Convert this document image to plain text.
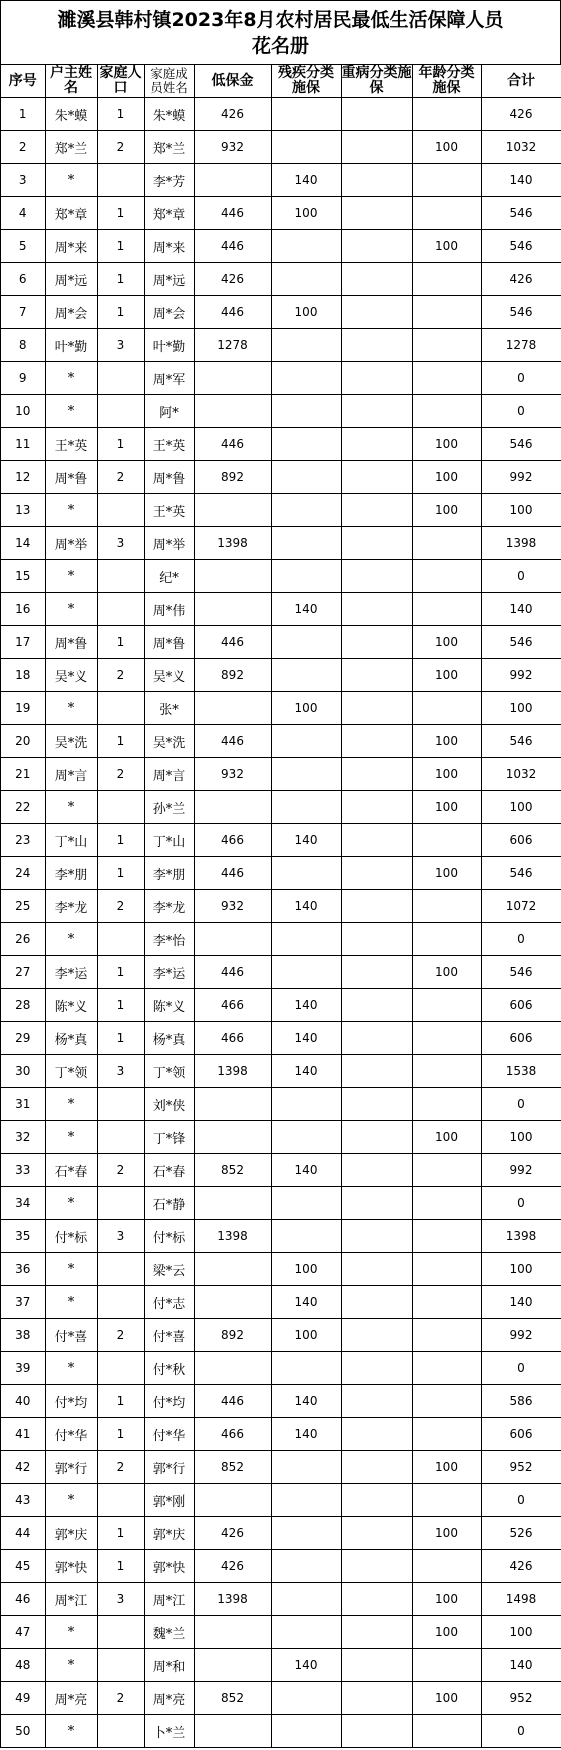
濉溪县韩村镇2023年8月农村居民最低生活保障人员
花名册
序号	户主姓名	家庭人口	家庭成员姓名	低保金	残疾分类施保	重病分类施保	年龄分类施保	合计
1	朱*蟆	1	朱*蟆	426				426
2	郑*兰	2	郑*兰	932			100	1032
3	*		李*芳		140			140
4	郑*章	1	郑*章	446	100			546
5	周*来	1	周*来	446			100	546
6	周*远	1	周*远	426				426
7	周*会	1	周*会	446	100			546
8	叶*勤	3	叶*勤	1278				1278
9	*		周*军					0
10	*		阿*					0
11	王*英	1	王*英	446			100	546
12	周*鲁	2	周*鲁	892			100	992
13	*		王*英				100	100
14	周*举	3	周*举	1398				1398
15	*		纪*					0
16	*		周*伟		140			140
17	周*鲁	1	周*鲁	446			100	546
18	吴*义	2	吴*义	892			100	992
19	*		张*		100			100
20	吴*洗	1	吴*洗	446			100	546
21	周*言	2	周*言	932			100	1032
22	*		孙*兰				100	100
23	丁*山	1	丁*山	466	140			606
24	李*朋	1	李*朋	446			100	546
25	李*龙	2	李*龙	932	140			1072
26	*		李*怡					0
27	李*运	1	李*运	446			100	546
28	陈*义	1	陈*义	466	140			606
29	杨*真	1	杨*真	466	140			606
30	丁*领	3	丁*领	1398	140			1538
31	*		刘*侠					0
32	*		丁*锋				100	100
33	石*春	2	石*春	852	140			992
34	*		石*静					0
35	付*标	3	付*标	1398				1398
36	*		梁*云		100			100
37	*		付*志		140			140
38	付*喜	2	付*喜	892	100			992
39	*		付*秋					0
40	付*均	1	付*均	446	140			586
41	付*华	1	付*华	466	140			606
42	郭*行	2	郭*行	852			100	952
43	*		郭*刚					0
44	郭*庆	1	郭*庆	426			100	526
45	郭*快	1	郭*快	426				426
46	周*江	3	周*江	1398			100	1498
47	*		魏*兰				100	100
48	*		周*和		140			140
49	周*亮	2	周*亮	852			100	952
50	*		卜*兰					0
